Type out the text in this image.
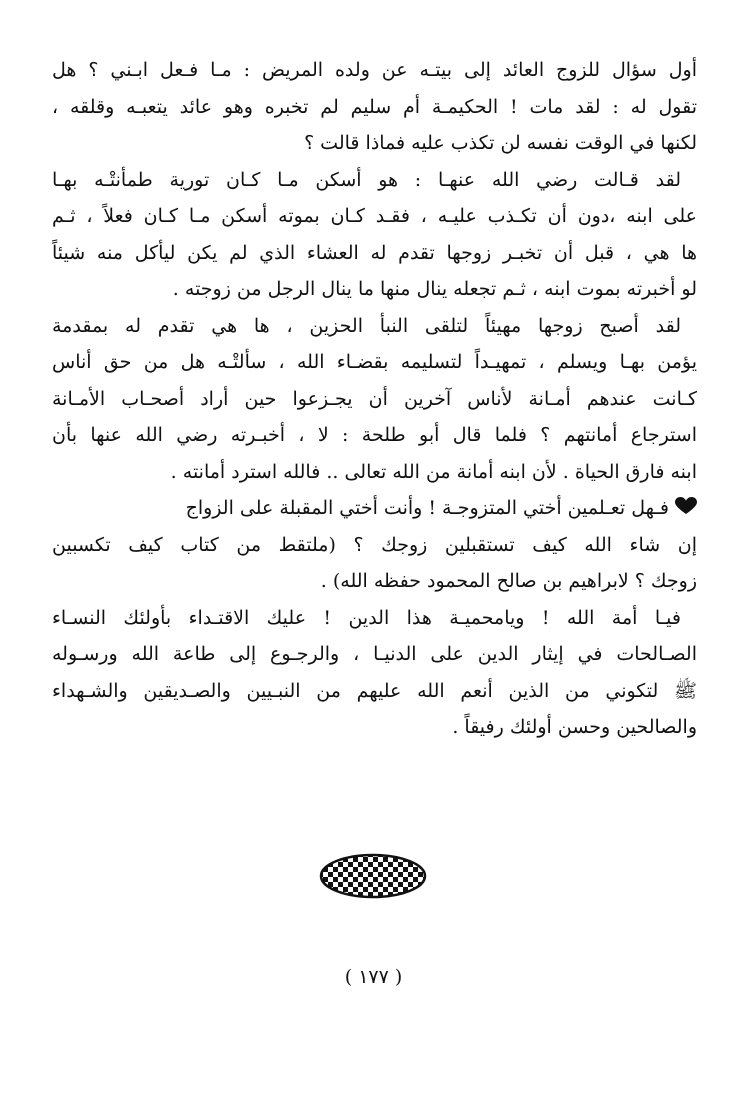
أول سؤال للزوج العائد إلى بيتـه عن ولده المريض : مـا فـعل ابـني ؟ هل
تقول له : لقد مات ! الحكيمـة أم سليم لم تخبره وهو عائد يتعبـه وقلقه ،
لكنها في الوقت نفسه لن تكذب عليه فماذا قالت ؟
لقد قـالت رضي الله عنهـا : هو أسكن مـا كـان تورية طمأنتْـه بهـا
على ابنه ،دون أن تكـذب عليـه ، فقـد كـان بموته أسكن مـا كـان فعلاً ، ثـم
ها هي ، قبل أن تخبـر زوجها تقدم له العشاء الذي لم يكن ليأكل منه شيئاً
لو أخبرته بموت ابنه ، ثـم تجعله ينال منها ما ينال الرجل من زوجته .
لقد أصبح زوجها مهيئاً لتلقى النبأ الحزين ، ها هي تقدم له بمقدمة
يؤمن بهـا ويسلم ، تمهيـداً لتسليمه بقضـاء الله ، سألتْـه هل من حق أناس
كـانت عندهم أمـانة لأناس آخرين أن يجـزعوا حين أراد أصحـاب الأمـانة
استرجاع أمانتهم ؟ فلما قال أبو طلحة : لا ، أخبـرته رضي الله عنها بأن
ابنه فارق الحياة . لأن ابنه أمانة من الله تعالى .. فالله استرد أمانته .
فـهل تعـلمين أختي المتزوجـة ! وأنت أختي المقبلة على الزواج
إن شاء الله كيف تستقبلين زوجك ؟ (ملتقط من كتاب كيف تكسبين
زوجك ؟ لابراهيم بن صالح المحمود حفظه الله) .
فيـا أمة الله ! ويامحميـة هذا الدين ! عليك الاقتـداء بأولئك النسـاء
الصـالحات في إيثار الدين على الدنيـا ، والرجـوع إلى طاعة الله ورسـوله
ﷺ لتكوني من الذين أنعم الله عليهم من النبـيين والصـديقين والشـهداء
والصالحين وحسن أولئك رفيقاً .
( ١٧٧ )
